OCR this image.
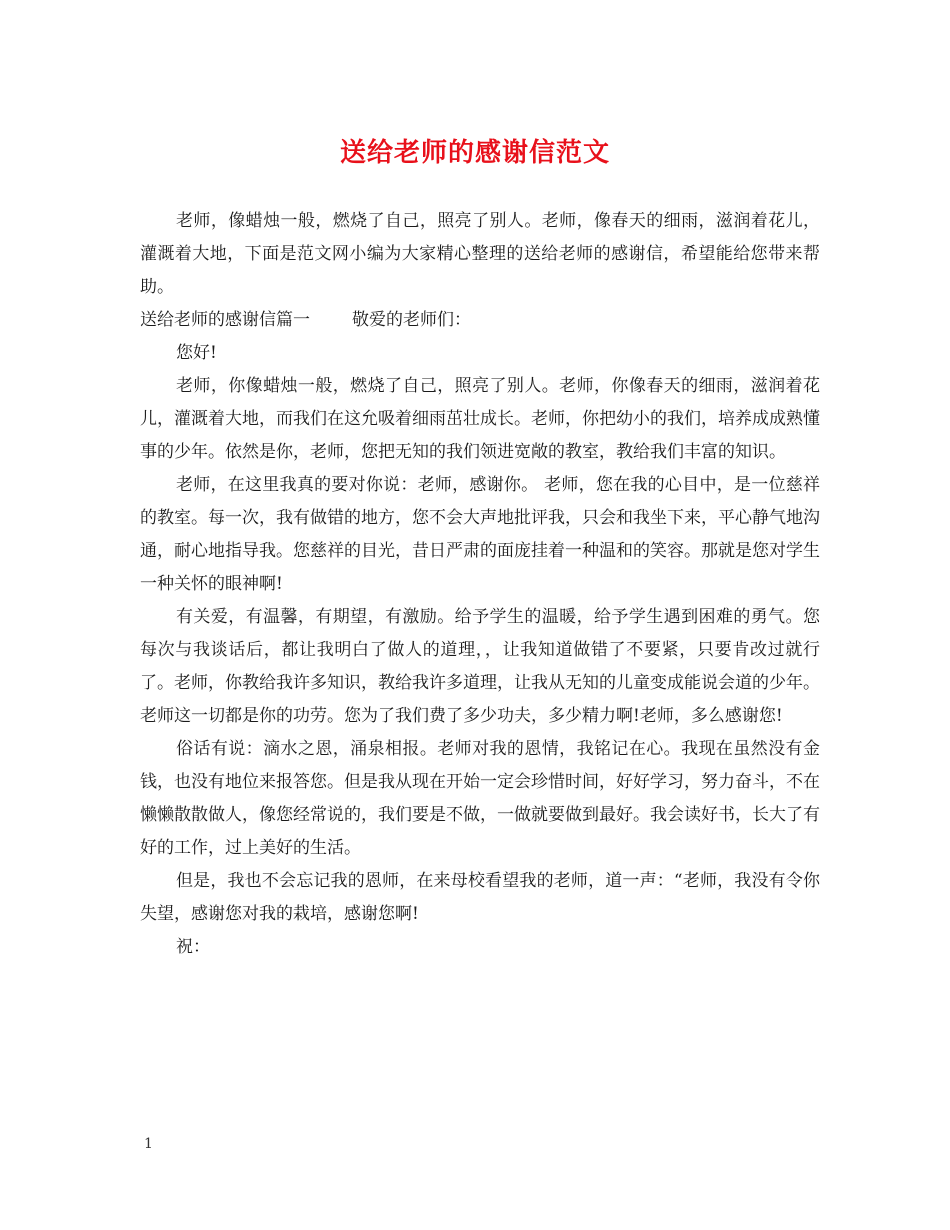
送给老师的感谢信范文

老师，像蜡烛一般，燃烧了自己，照亮了别人。老师，像春天的细雨，滋润着花儿，灌溉着大地，下面是范文网小编为大家精心整理的送给老师的感谢信，希望能给您带来帮助。

送给老师的感谢信篇一 敬爱的老师们：

您好!

老师，你像蜡烛一般，燃烧了自己，照亮了别人。老师，你像春天的细雨，滋润着花儿，灌溉着大地，而我们在这允吸着细雨茁壮成长。老师，你把幼小的我们，培养成成熟懂事的少年。依然是你，老师，您把无知的我们领进宽敞的教室，教给我们丰富的知识。

老师，在这里我真的要对你说：老师，感谢你。 老师，您在我的心目中，是一位慈祥的教室。每一次，我有做错的地方，您不会大声地批评我，只会和我坐下来，平心静气地沟通，耐心地指导我。您慈祥的目光，昔日严肃的面庞挂着一种温和的笑容。那就是您对学生一种关怀的眼神啊!

有关爱，有温馨，有期望，有激励。给予学生的温暖，给予学生遇到困难的勇气。您每次与我谈话后，都让我明白了做人的道理，，让我知道做错了不要紧，只要肯改过就行了。老师，你教给我许多知识，教给我许多道理，让我从无知的儿童变成能说会道的少年。老师这一切都是你的功劳。您为了我们费了多少功夫，多少精力啊!老师，多么感谢您!

俗话有说：滴水之恩，涌泉相报。老师对我的恩情，我铭记在心。我现在虽然没有金钱，也没有地位来报答您。但是我从现在开始一定会珍惜时间，好好学习，努力奋斗，不在懒懒散散做人，像您经常说的，我们要是不做，一做就要做到最好。我会读好书，长大了有好的工作，过上美好的生活。

但是，我也不会忘记我的恩师，在来母校看望我的老师，道一声：“老师，我没有令你失望，感谢您对我的栽培，感谢您啊!

祝：

1
